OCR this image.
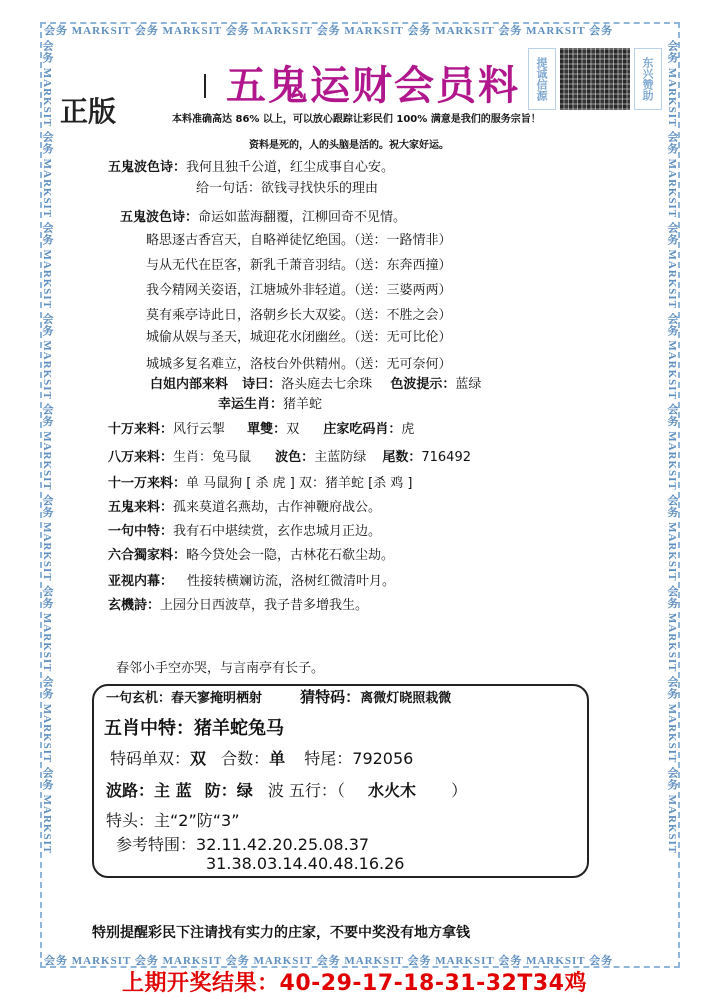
会务 MARKSIT 会务 MARKSIT 会务 MARKSIT 会务 MARKSIT 会务 MARKSIT 会务 MARKSIT 会务
会务 MARKSIT 会务 MARKSIT 会务 MARKSIT 会务 MARKSIT 会务 MARKSIT 会务 MARKSIT 会务
会务 MARKSIT 会务 MARKSIT 会务 MARKSIT 会务 MARKSIT 会务 MARKSIT 会务 MARKSIT 会务 MARKSIT 会务 MARKSIT 会务 MARKSIT	会务 MARKSIT 会务 MARKSIT 会务 MARKSIT 会务 MARKSIT 会务 MARKSIT 会务 MARKSIT 会务 MARKSIT 会务 MARKSIT 会务 MARKSIT
五鬼运财会员料
正版
提诚信源	东兴赞助
本料准确高达 86% 以上，可以放心跟踪让彩民们 100% 满意是我们的服务宗旨！
资料是死的，人的头脑是活的。祝大家好运。
五鬼波色诗：我何且独千公道，红尘成事自心安。
给一句话：欲钱寻找快乐的理由
五鬼波色诗：命运如蓝海翻覆，江柳回奇不见情。
略思逐古香宫天，自略禅徒忆绝国。（送：一路情非）
与从无代在臣客，新乳千萧音羽结。（送：东奔西撞）
我今精网关姿语，江塘城外非轻道。（送：三婆两两）
莫有乘亭诗此日，洛朝乡长大双娑。（送：不胜之会）
城偷从娱与圣天，城迎花水闭幽丝。（送：无可比伦）
城城多复名难立，洛枝台外供精州。（送：无可奈何）
白姐内部来料 诗曰：洛头庭去七余珠 色波提示：蓝绿
幸运生肖：猪羊蛇
十万来料：风行云掣 單雙：双 庄家吃码肖：虎
八万来料：生肖：兔马鼠 波色：主蓝防绿 尾数：716492
十一万来料：单 马鼠狗 [ 杀 虎 ] 双：猪羊蛇 [杀 鸡 ]
五鬼来料：孤来莫道名燕劫，古作神鞭府战公。
一句中特：我有石中堪续赏，玄作忠城月正边。
六合獨家料：略今贷处会一隐，古林花石欷尘劫。
亚视内幕： 性接转横斓访流，洛树红微清叶月。
玄機詩：上园分日西波草，我子昔多增我生。
春邻小手空亦哭，与言南亭有长子。
一句玄机：春天寥掩明栖射	猜特码：离微灯晓照栽微
五肖中特：猪羊蛇兔马
特码单双：双 合数：单 特尾：792056
波路：主 蓝 防：绿 波 五行：（ 水火木 ）
特头：主“2”防“3”
参考特围：32.11.42.20.25.08.37
31.38.03.14.40.48.16.26
特别提醒彩民下注请找有实力的庄家，不要中奖没有地方拿钱
上期开奖结果：40-29-17-18-31-32T34鸡
